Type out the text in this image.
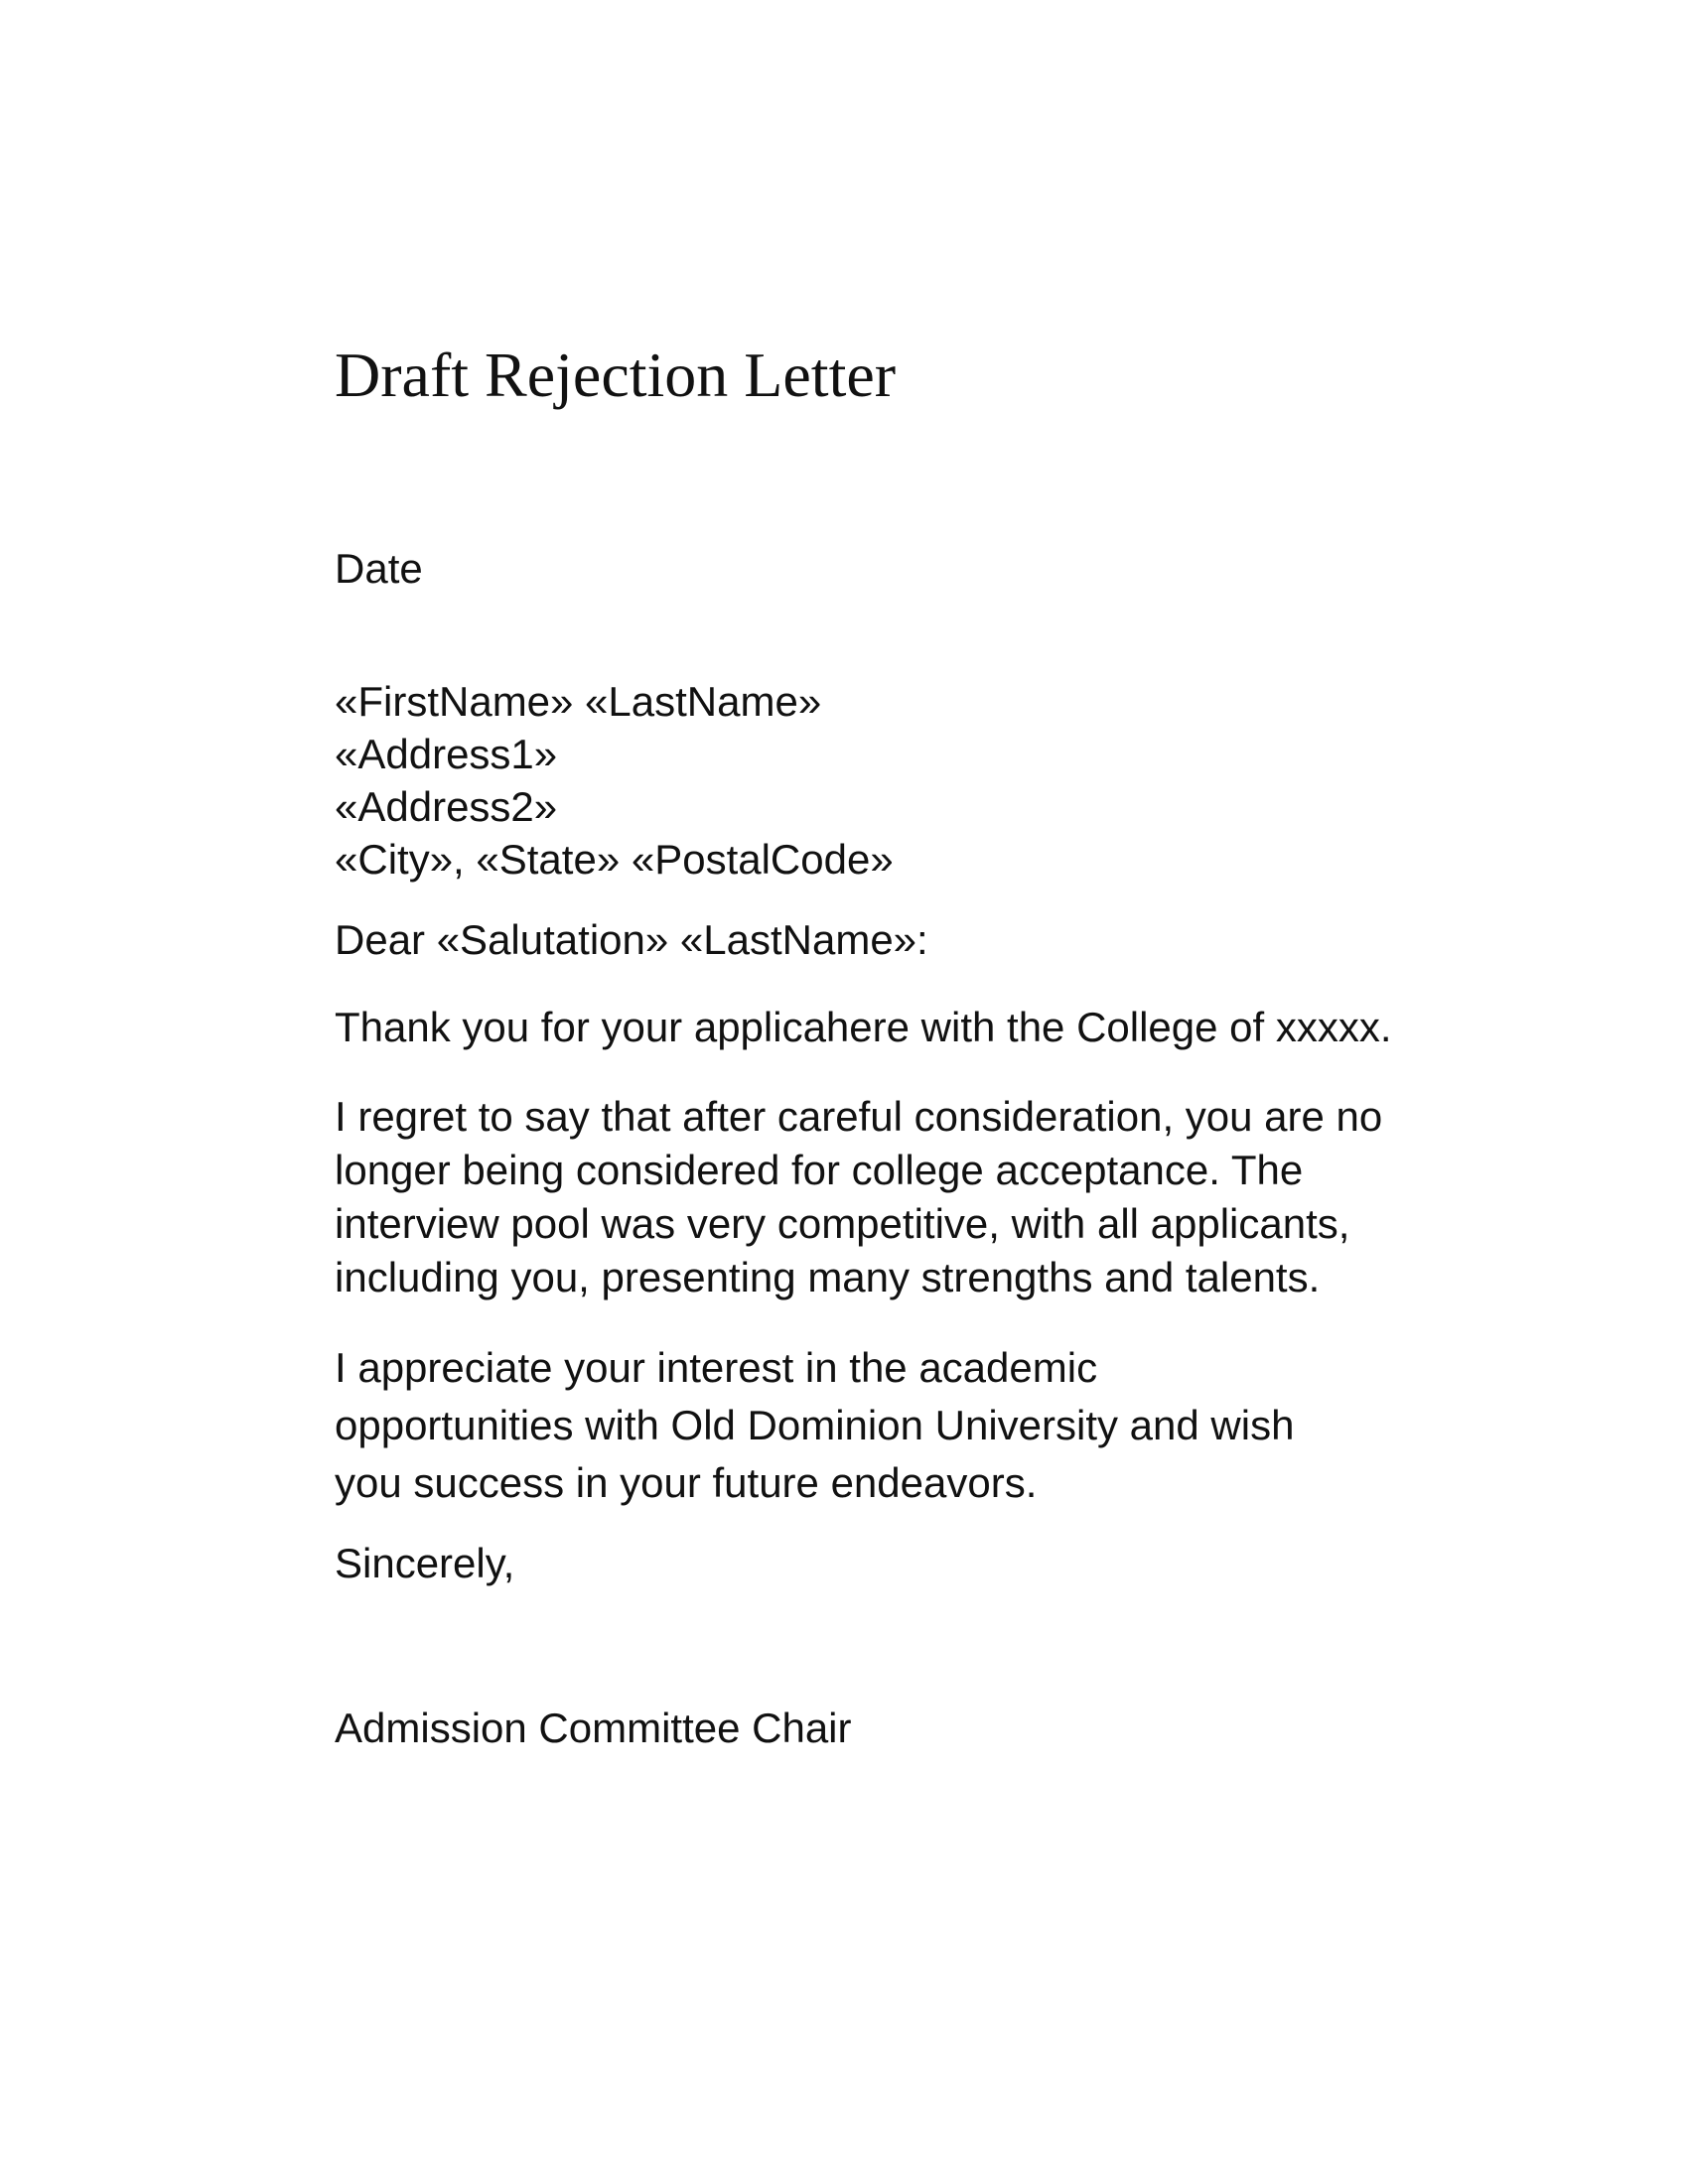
Draft Rejection Letter
Date
«FirstName» «LastName»
«Address1»
«Address2»
«City», «State» «PostalCode»
Dear «Salutation» «LastName»:
Thank you for your applicahere with the College of xxxxx.
I regret to say that after careful consideration, you are no
longer being considered for college acceptance. The
interview pool was very competitive, with all applicants,
including you, presenting many strengths and talents.
I appreciate your interest in the academic
opportunities with Old Dominion University and wish
you success in your future endeavors.
Sincerely,
Admission Committee Chair
